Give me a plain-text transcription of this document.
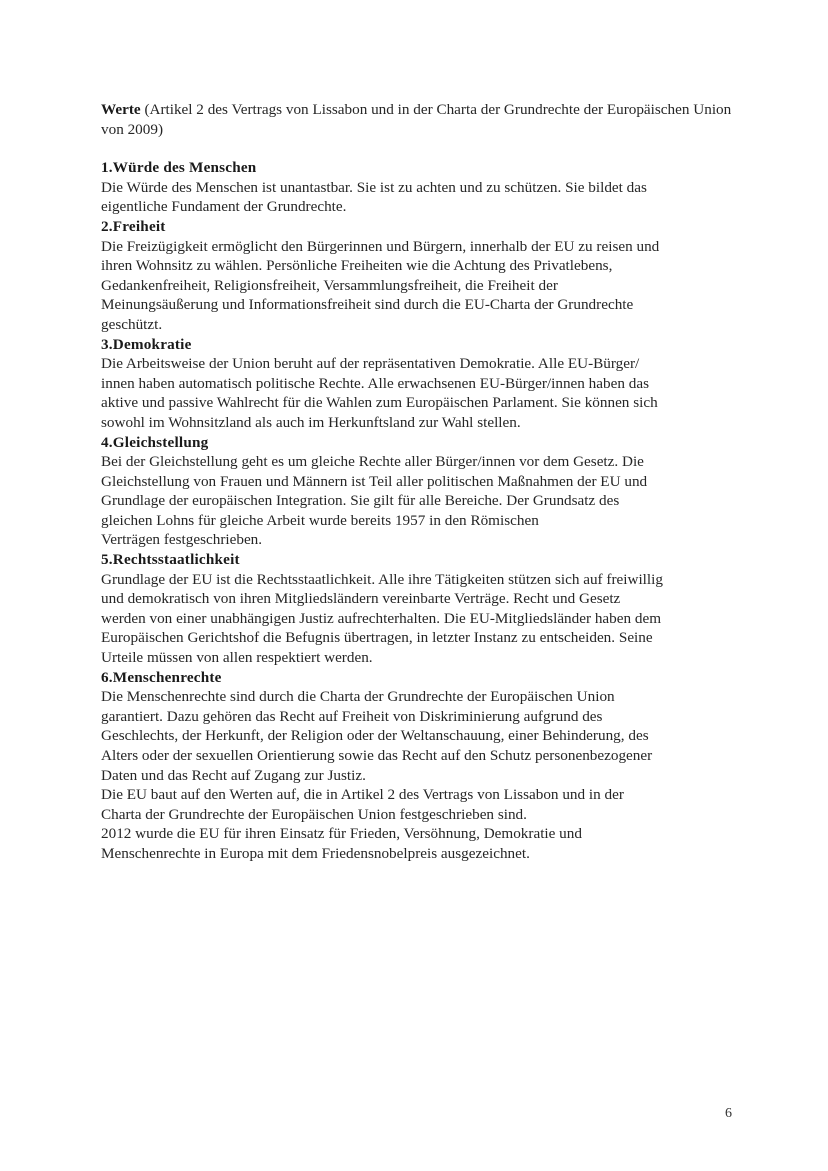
Werte (Artikel 2 des Vertrags von Lissabon und in der Charta der Grundrechte der Europäischen Union von 2009)

1.Würde des Menschen

Die Würde des Menschen ist unantastbar. Sie ist zu achten und zu schützen. Sie bildet das
eigentliche Fundament der Grundrechte.

2.Freiheit

Die Freizügigkeit ermöglicht den Bürgerinnen und Bürgern, innerhalb der EU zu reisen und
ihren Wohnsitz zu wählen. Persönliche Freiheiten wie die Achtung des Privatlebens,
Gedankenfreiheit, Religionsfreiheit, Versammlungsfreiheit, die Freiheit der
Meinungsäußerung und Informationsfreiheit sind durch die EU-Charta der Grundrechte
geschützt.

3.Demokratie

Die Arbeitsweise der Union beruht auf der repräsentativen Demokratie. Alle EU-Bürger/
innen haben automatisch politische Rechte. Alle erwachsenen EU-Bürger/innen haben das
aktive und passive Wahlrecht für die Wahlen zum Europäischen Parlament. Sie können sich
sowohl im Wohnsitzland als auch im Herkunftsland zur Wahl stellen.

4.Gleichstellung

Bei der Gleichstellung geht es um gleiche Rechte aller Bürger/innen vor dem Gesetz. Die
Gleichstellung von Frauen und Männern ist Teil aller politischen Maßnahmen der EU und
Grundlage der europäischen Integration. Sie gilt für alle Bereiche. Der Grundsatz des
gleichen Lohns für gleiche Arbeit wurde bereits 1957 in den Römischen
Verträgen festgeschrieben.

5.Rechtsstaatlichkeit

Grundlage der EU ist die Rechtsstaatlichkeit. Alle ihre Tätigkeiten stützen sich auf freiwillig
und demokratisch von ihren Mitgliedsländern vereinbarte Verträge. Recht und Gesetz
werden von einer unabhängigen Justiz aufrechterhalten. Die EU-Mitgliedsländer haben dem
Europäischen Gerichtshof die Befugnis übertragen, in letzter Instanz zu entscheiden. Seine
Urteile müssen von allen respektiert werden.

6.Menschenrechte

Die Menschenrechte sind durch die Charta der Grundrechte der Europäischen Union
garantiert. Dazu gehören das Recht auf Freiheit von Diskriminierung aufgrund des
Geschlechts, der Herkunft, der Religion oder der Weltanschauung, einer Behinderung, des
Alters oder der sexuellen Orientierung sowie das Recht auf den Schutz personenbezogener
Daten und das Recht auf Zugang zur Justiz.
Die EU baut auf den Werten auf, die in Artikel 2 des Vertrags von Lissabon und in der
Charta der Grundrechte der Europäischen Union festgeschrieben sind.
2012 wurde die EU für ihren Einsatz für Frieden, Versöhnung, Demokratie und
Menschenrechte in Europa mit dem Friedensnobelpreis ausgezeichnet.
6
